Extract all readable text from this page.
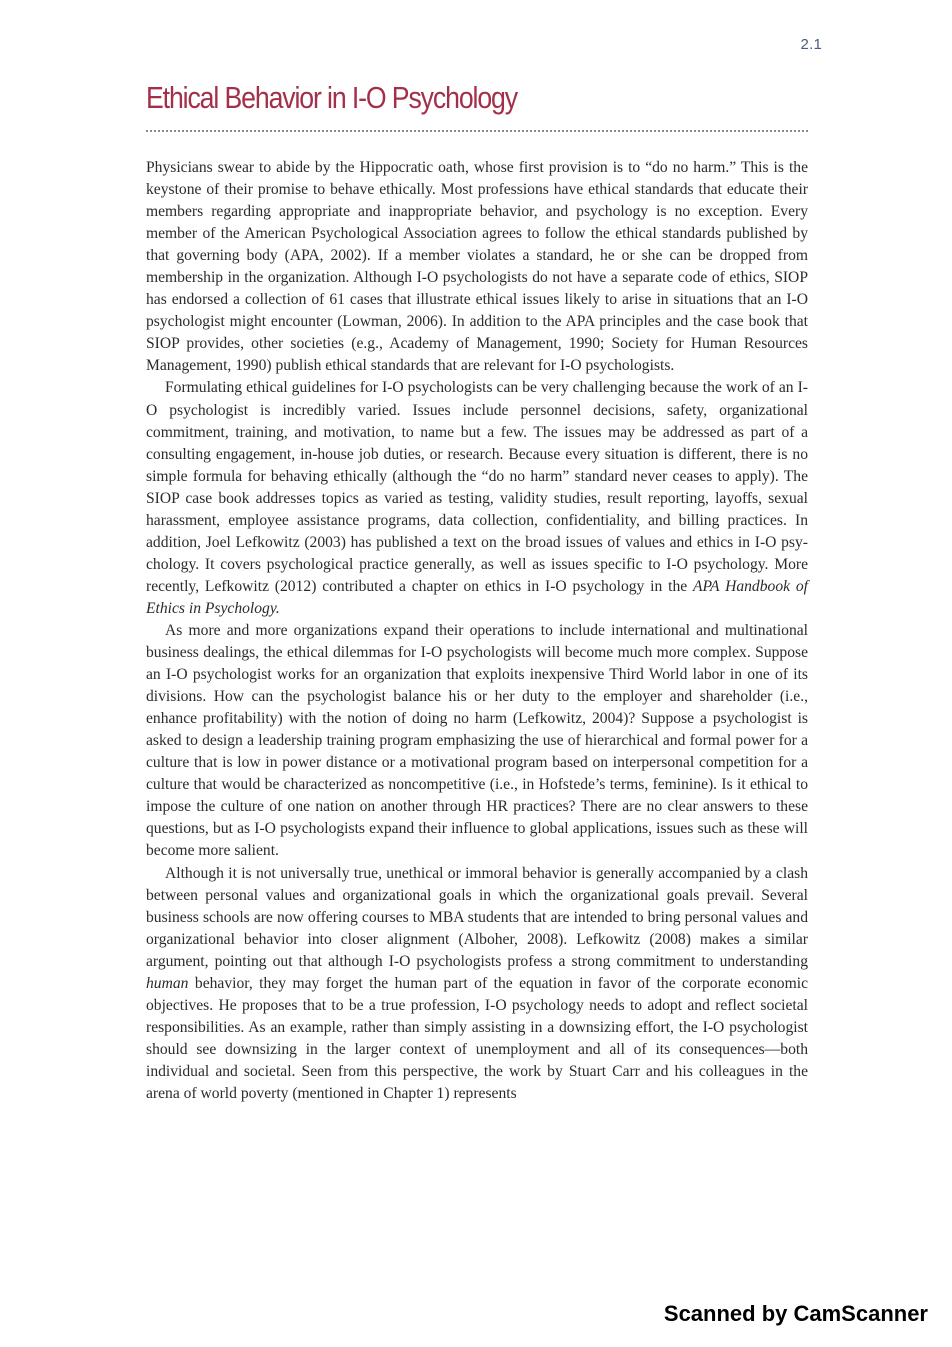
2.1
Ethical Behavior in I-O Psychology

Physicians swear to abide by the Hippocratic oath, whose first provision is to “do no harm.” This is the keystone of their promise to behave ethically. Most professions have ethical standards that educate their members regarding appropriate and inappropriate behavior, and psychology is no exception. Every member of the American Psychological Association agrees to follow the ethical standards published by that governing body (APA, 2002). If a member violates a standard, he or she can be dropped from membership in the organization. Although I-O psychologists do not have a separate code of ethics, SIOP has endorsed a collection of 61 cases that illustrate ethical issues likely to arise in situations that an I-O psychologist might encounter (Lowman, 2006). In addition to the APA principles and the case book that SIOP provides, other societies (e.g., Academy of Management, 1990; Society for Human Resources Management, 1990) publish ethical standards that are relevant for I-O psychologists.

Formulating ethical guidelines for I-O psychologists can be very challenging because the work of an I-O psychologist is incredibly varied. Issues include personnel decisions, safety, organizational commitment, training, and motivation, to name but a few. The issues may be addressed as part of a consulting engagement, in-house job duties, or research. Because every situation is different, there is no simple formula for behaving ethically (although the “do no harm” standard never ceases to apply). The SIOP case book addresses topics as varied as testing, validity studies, result reporting, layoffs, sexual harassment, employee assistance programs, data collection, confidentiality, and billing practices. In addition, Joel Lefkowitz (2003) has published a text on the broad issues of values and ethics in I-O psychology. It covers psychological practice generally, as well as issues specific to I-O psychology. More recently, Lefkowitz (2012) contributed a chapter on ethics in I-O psychology in the APA Handbook of Ethics in Psychology.

As more and more organizations expand their operations to include international and multinational business dealings, the ethical dilemmas for I-O psychologists will become much more complex. Suppose an I-O psychologist works for an organization that exploits inexpensive Third World labor in one of its divisions. How can the psychologist balance his or her duty to the employer and shareholder (i.e., enhance profitability) with the notion of doing no harm (Lefkowitz, 2004)? Suppose a psychologist is asked to design a leadership training program emphasizing the use of hierarchical and formal power for a culture that is low in power distance or a motivational program based on interpersonal competition for a culture that would be characterized as noncompetitive (i.e., in Hofstede’s terms, feminine). Is it ethical to impose the culture of one nation on another through HR practices? There are no clear answers to these questions, but as I-O psychologists expand their influence to global applications, issues such as these will become more salient.

Although it is not universally true, unethical or immoral behavior is generally accompanied by a clash between personal values and organizational goals in which the organizational goals prevail. Several business schools are now offering courses to MBA students that are intended to bring personal values and organizational behavior into closer alignment (Alboher, 2008). Lefkowitz (2008) makes a similar argument, pointing out that although I-O psychologists profess a strong commitment to understanding human behavior, they may forget the human part of the equation in favor of the corporate economic objectives. He proposes that to be a true profession, I-O psychology needs to adopt and reflect societal responsibilities. As an example, rather than simply assisting in a downsizing effort, the I-O psychologist should see downsizing in the larger context of unemployment and all of its consequences—both individual and societal. Seen from this perspective, the work by Stuart Carr and his colleagues in the arena of world poverty (mentioned in Chapter 1) represents

Scanned by CamScanner
